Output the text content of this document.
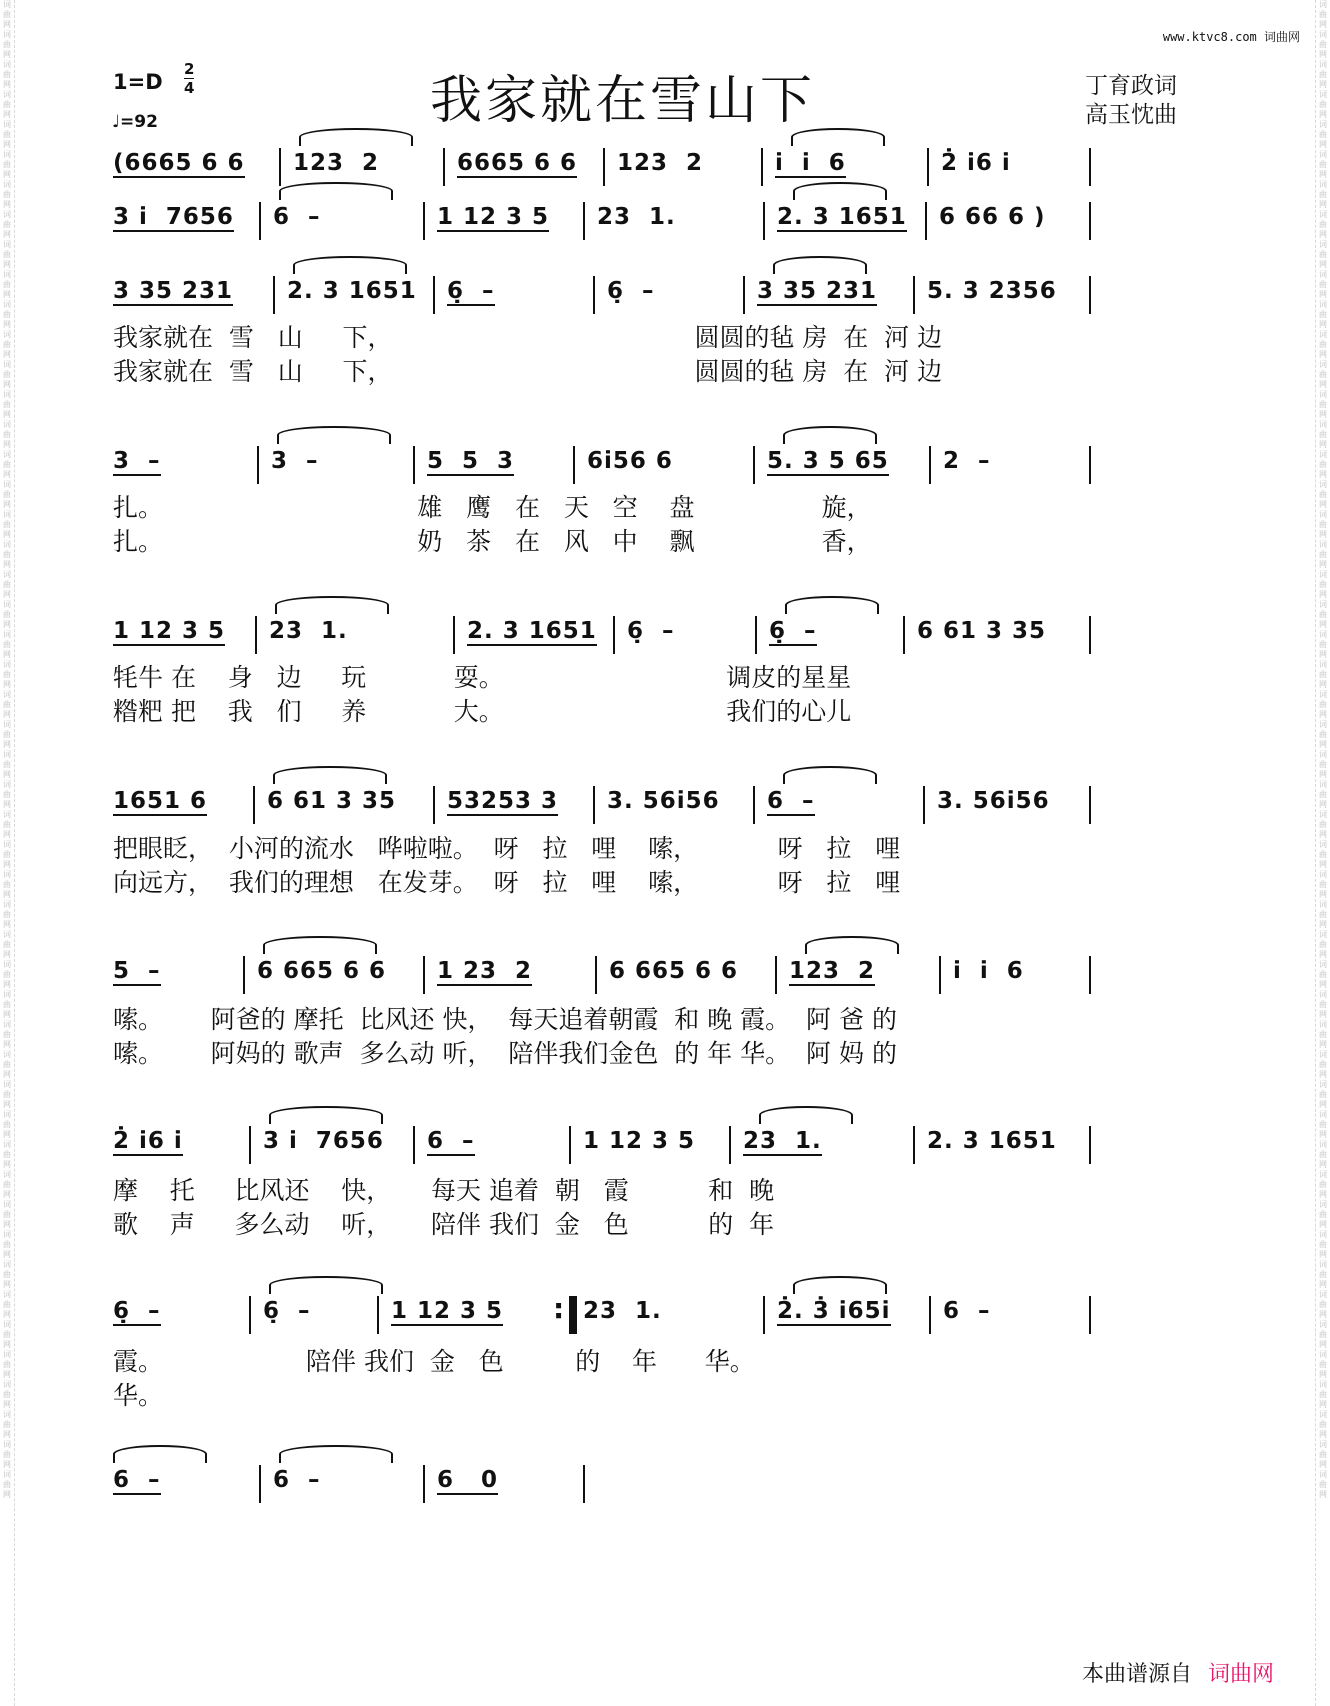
词
曲
网
词
曲
网
词
曲
网
词
曲
网
词
曲
网
词
曲
网
词
曲
网
词
曲
网
词
曲
网
词
曲
网
词
曲
网
词
曲
网
词
曲
网
词
曲
网
词
曲
网
词
曲
网
词
曲
网
词
曲
网
词
曲
网
词
曲
网
词
曲
网
词
曲
网
词
曲
网
词
曲
网
词
曲
网
词
曲
网
词
曲
网
词
曲
网
词
曲
网
词
曲
网
词
曲
网
词
曲
网
词
曲
网
词
曲
网
词
曲
网
词
曲
网
词
曲
网
词
曲
网
词
曲
网
词
曲
网
词
曲
网
词
曲
网
词
曲
网
词
曲
网
词
曲
网
词
曲
网
词
曲
网
词
曲
网
词
曲
网
词
曲
网
词
曲
网
词
曲
网
词
曲
网
词
曲
网
词
曲
网
词
曲
网
词
曲
网
词
曲
网
词
曲
网
词
曲
网
词
曲
网
词
曲
网
词
曲
网
词
曲
网
词
曲
网
词
曲
网
词
曲
网
词
曲
网
词
曲
网
词
曲
网
词
曲
网
词
曲
网
词
曲
网
词
曲
网
词
曲
网
词
曲
网
词
曲
网
词
曲
网
词
曲
网
词
曲
网
词
曲
网
词
曲
网
词
曲
网
词
曲
网
词
曲
网
词
曲
网
词
曲
网
词
曲
网
词
曲
网
词
曲
网
词
曲
网
词
曲
网
词
曲
网
词
曲
网
词
曲
网
词
曲
网
词
曲
网
词
曲
网
词
曲
网
词
曲
网
www.ktvc8.com 词曲网
1=D
2
4
♩=92	我家就在雪山下	丁育政词
高玉忱曲
(6665 6 6 123  2	6665 6 6 123  2	i̇  i̇  6	2̇ i̇6 i̇
3 i̇  7656 6  –	1 12 3 5 23  1.	2. 3 1651 6 66 6 )
3 35 231 2. 3 1651 6̣  –	6̣  –	3 35 231 5. 3 2356
我家就在  雪   山     下，                                      圆圆的毡 房  在  河 边
我家就在  雪   山     下，                                      圆圆的毡 房  在  河 边
3  –	3  –	5  5  3	6i̇56 6	5. 3 5 65 2  –
扎。                                雄   鹰   在   天   空    盘                旋，
扎。                                奶   茶   在   风   中    飘                香，
1 12 3 5 23  1.	2. 3 1651 6̣  –	6̣  –	6 61 3 35
牦牛 在    身   边     玩           耍。                            调皮的星星
糌粑 把    我   们     养           大。                            我们的心儿
1651 6	6 61 3 35 53253 3 3. 56i̇56 6  –	3. 56i̇56
把眼眨，  小河的流水   哗啦啦。  呀   拉   哩    嗦，          呀   拉   哩
向远方，  我们的理想   在发芽。  呀   拉   哩    嗦，          呀   拉   哩
5  –	6 665 6 6 1 23  2	6 665 6 6 123  2	i̇  i̇  6
嗦。      阿爸的 摩托  比风还 快，  每天追着朝霞  和 晚 霞。  阿 爸 的
嗦。      阿妈的 歌声  多么动 听，  陪伴我们金色  的 年 华。  阿 妈 的
2̇ i̇6 i̇	3 i̇  7656 6  –	1 12 3 5 23  1.	2. 3 1651
摩    托     比风还    快，     每天 追着  朝   霞          和  晚
歌    声     多么动    听，     陪伴 我们  金   色          的  年
6̣  –	6̣  –	1 12 3 5
:	23  1.	2̇. 3̇ i̇65i̇ 6  –
霞。                  陪伴 我们  金   色         的    年      华。
华。
6  –	6  –	6   0
本曲谱源自 词曲网
